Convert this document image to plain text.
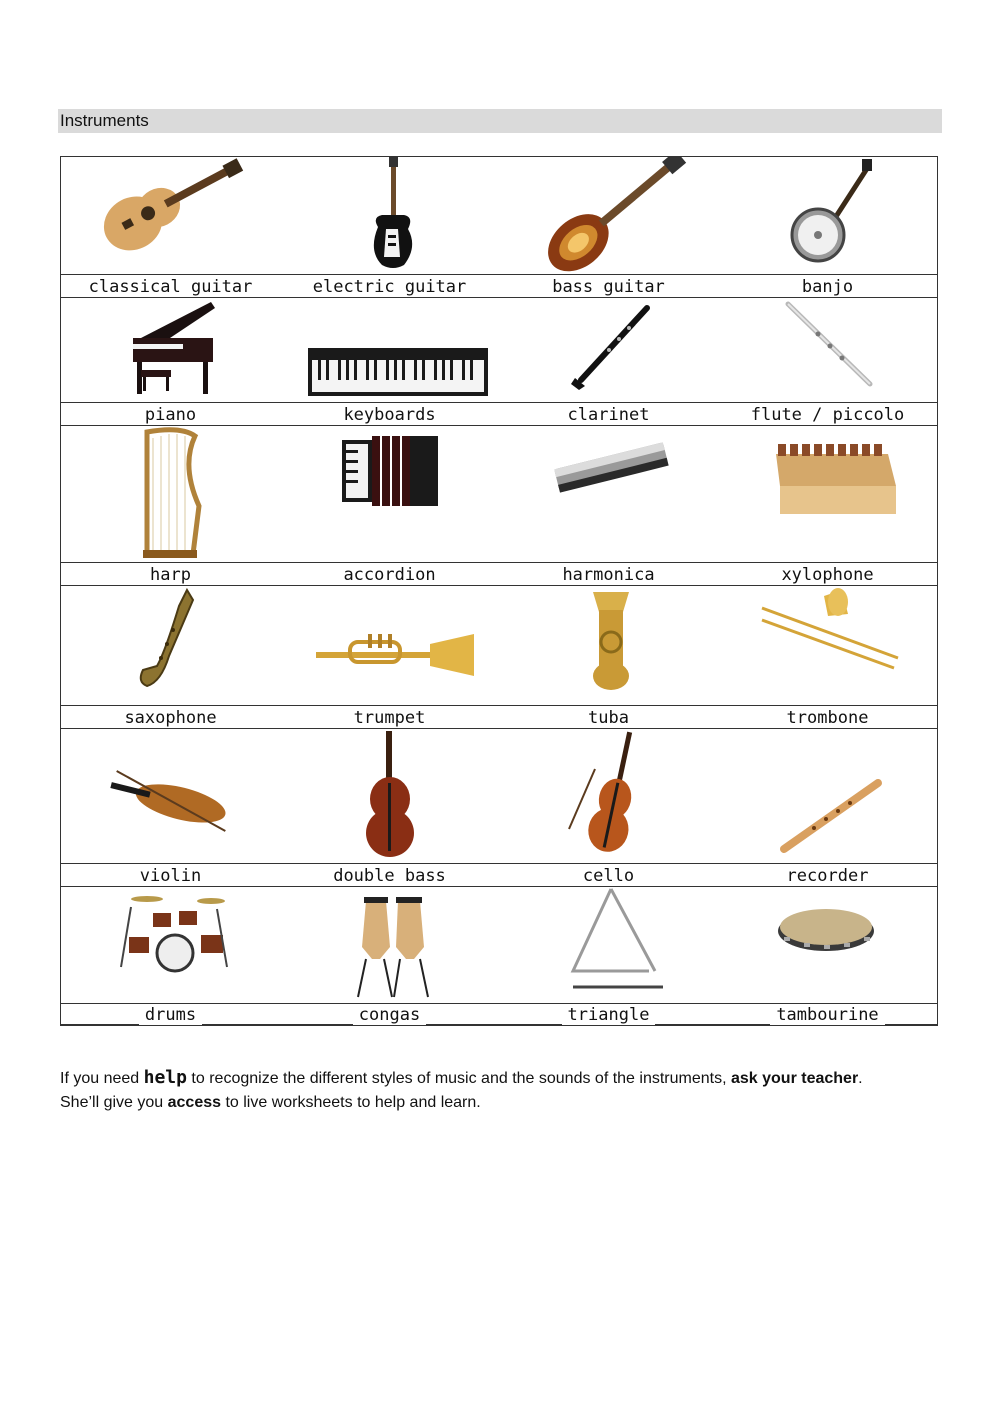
Instruments
classical guitar	electric guitar	bass guitar	banjo
piano	keyboards	clarinet	flute / piccolo
harp	accordion	harmonica	xylophone
saxophone	trumpet	tuba	trombone
violin	double bass	cello	recorder
drums	congas	triangle	tambourine
If you need help to recognize the different styles of music and the sounds of the instruments, ask your teacher.
She’ll give you access to live worksheets to help and learn.
